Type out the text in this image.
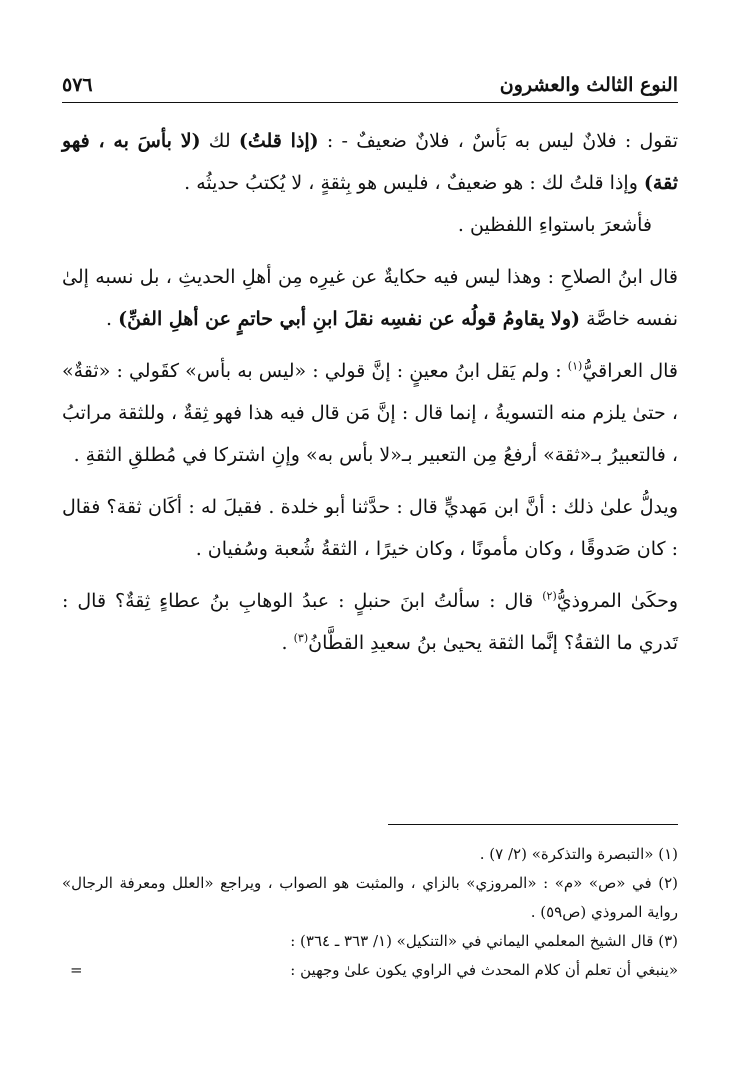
النوع الثالث والعشرون
٥٧٦

تقول : فلانٌ ليس به بَأسٌ ، فلانٌ ضعيفٌ - : (إذا قلتُ) لك (لا بأسَ به ، فهو ثقة) وإذا قلتُ لك : هو ضعيفٌ ، فليس هو بِثقةٍ ، لا يُكتبُ حديثُه .

فأشعرَ باستواءِ اللفظين .

قال ابنُ الصلاحِ : وهذا ليس فيه حكايةٌ عن غيرِه مِن أهلِ الحديثِ ، بل نسبه إلىٰ نفسه خاصَّة (ولا يقاومُ قولُه عن نفسِه نقلَ ابنِ أبي حاتمٍ عن أهلِ الفنِّ) .

قال العراقيُّ$^{(١)}$ : ولم يَقل ابنُ معينٍ : إنَّ قولي : «ليس به بأس» كقَولي : «ثقةٌ» ، حتىٰ يلزم منه التسويةُ ، إنما قال : إنَّ مَن قال فيه هذا فهو ثِقةٌ ، وللثقة مراتبُ ، فالتعبيرُ بـ«ثقة» أرفعُ مِن التعبير بـ«لا بأس به» وإنِ اشتركا في مُطلقِ الثقةِ .

ويدلُّ علىٰ ذلك : أنَّ ابن مَهديٍّ قال : حدَّثنا أبو خلدة . فقيلَ له : أكَان ثقة؟ فقال : كان صَدوقًا ، وكان مأمونًا ، وكان خيرًا ، الثقةُ شُعبة وسُفيان .

وحكَىٰ المروذيُّ$^{(٢)}$ قال : سألتُ ابنَ حنبلٍ : عبدُ الوهابِ بنُ عطاءٍ ثِقةٌ؟ قال : تَدري ما الثقةُ؟ إنَّما الثقة يحيىٰ بنُ سعيدِ القطَّانُ$^{(٣)}$ .

(١) «التبصرة والتذكرة» (٢/ ٧) .

(٢) في «ص» «م» : «المروزي» بالزاي ، والمثبت هو الصواب ، ويراجع «العلل ومعرفة الرجال» رواية المروذي (ص٥٩) .

(٣) قال الشيخ المعلمي اليماني في «التنكيل» (١/ ٣٦٣ ـ ٣٦٤) :

«ينبغي أن تعلم أن كلام المحدث في الراوي يكون علىٰ وجهين :
=
